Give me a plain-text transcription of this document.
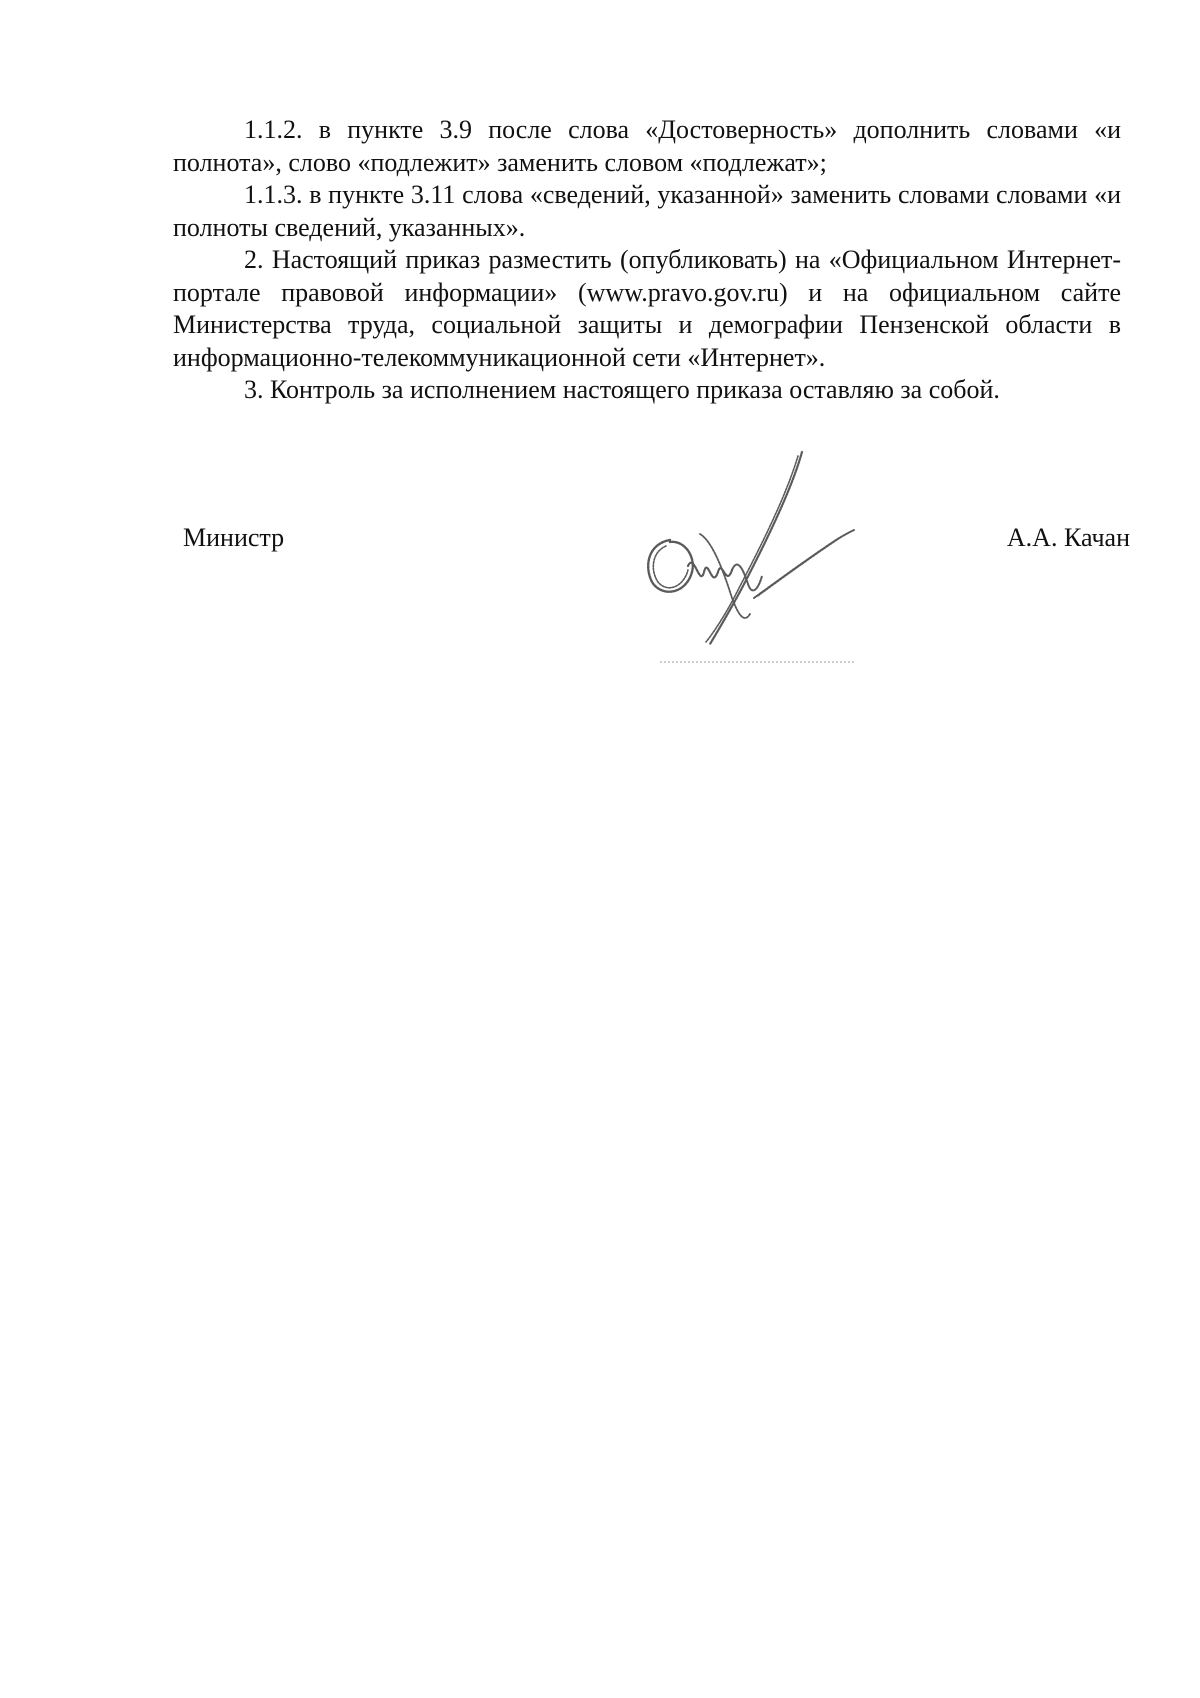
1.1.2. в пункте 3.9 после слова «Достоверность» дополнить словами «и полнота», слово «подлежит» заменить словом «подлежат»;

1.1.3. в пункте 3.11 слова «сведений, указанной» заменить словами словами «и полноты сведений, указанных».

2. Настоящий приказ разместить (опубликовать) на «Официальном Интернет-портале правовой информации» (www.pravo.gov.ru) и на официальном сайте Министерства труда, социальной защиты и демографии Пензенской области в информационно-телекоммуникационной сети «Интернет».

3. Контроль за исполнением настоящего приказа оставляю за собой.

Министр	А.А. Качан
